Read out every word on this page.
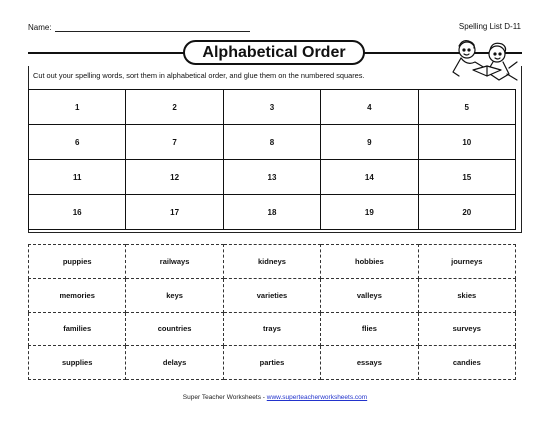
Name:	Spelling List D-11
Alphabetical Order
Cut out your spelling words, sort them in alphabetical order, and glue them on the numbered squares.
1	2	3	4	5
6	7	8	9	10
11	12	13	14	15
16	17	18	19	20
puppies	railways	kidneys	hobbies	journeys
memories	keys	varieties	valleys	skies
families	countries	trays	flies	surveys
supplies	delays	parties	essays	candies
Super Teacher Worksheets - www.superteacherworksheets.com
